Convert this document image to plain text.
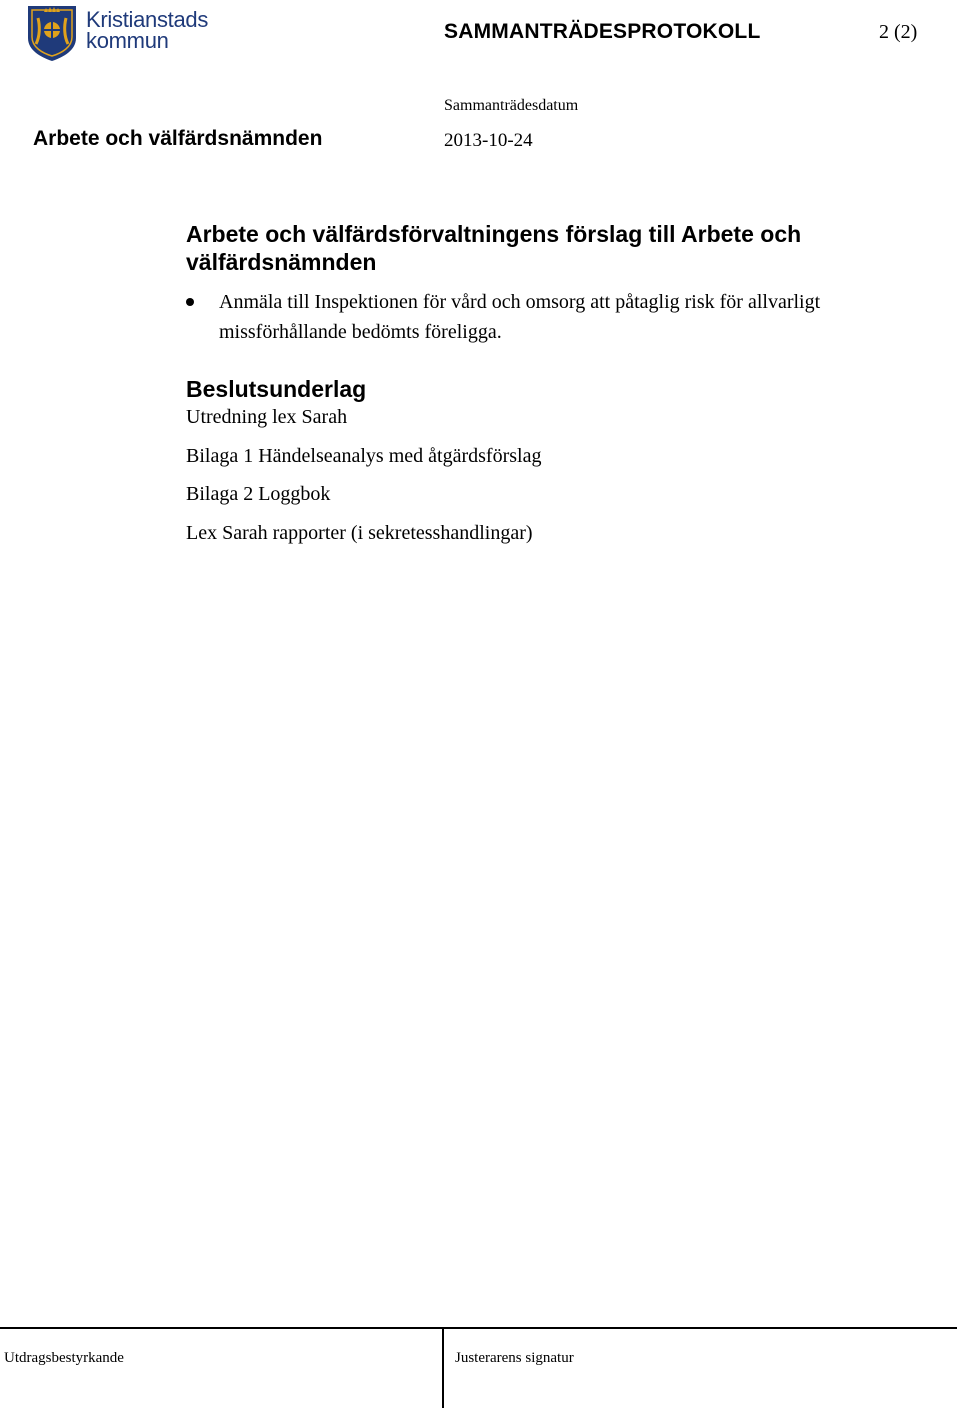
Kristianstads
kommun	SAMMANTRÄDESPROTOKOLL	2 (2)
Arbete och välfärdsnämnden
Sammanträdesdatum
2013-10-24
Arbete och välfärdsförvaltningens förslag till Arbete och välfärdsnämnden
Anmäla till Inspektionen för vård och omsorg att påtaglig risk för allvarligt missförhållande bedömts föreligga.
Beslutsunderlag
Utredning lex Sarah
Bilaga 1 Händelseanalys med åtgärdsförslag
Bilaga 2 Loggbok
Lex Sarah rapporter (i sekretesshandlingar)
Utdragsbestyrkande	Justerarens signatur
